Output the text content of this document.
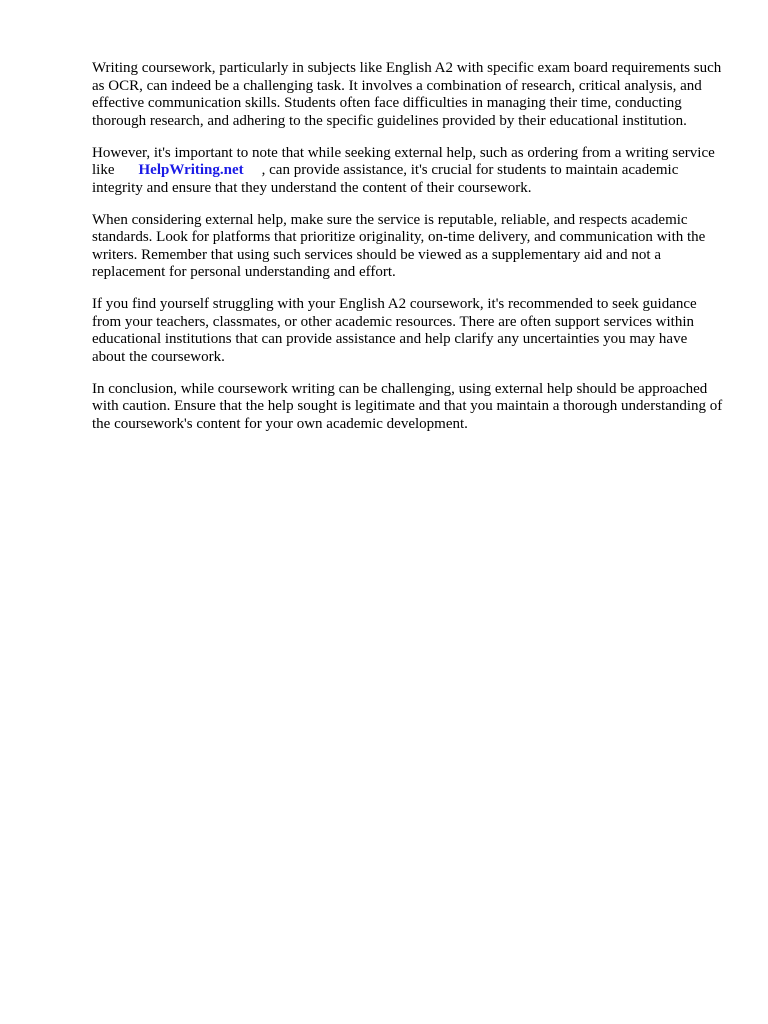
Writing coursework, particularly in subjects like English A2 with specific exam board requirements such as OCR, can indeed be a challenging task. It involves a combination of research, critical analysis, and effective communication skills. Students often face difficulties in managing their time, conducting thorough research, and adhering to the specific guidelines provided by their educational institution.

However, it's important to note that while seeking external help, such as ordering from a writing service like HelpWriting.net , can provide assistance, it's crucial for students to maintain academic integrity and ensure that they understand the content of their coursework.

When considering external help, make sure the service is reputable, reliable, and respects academic standards. Look for platforms that prioritize originality, on-time delivery, and communication with the writers. Remember that using such services should be viewed as a supplementary aid and not a replacement for personal understanding and effort.

If you find yourself struggling with your English A2 coursework, it's recommended to seek guidance from your teachers, classmates, or other academic resources. There are often support services within educational institutions that can provide assistance and help clarify any uncertainties you may have about the coursework.

In conclusion, while coursework writing can be challenging, using external help should be approached with caution. Ensure that the help sought is legitimate and that you maintain a thorough understanding of the coursework's content for your own academic development.
